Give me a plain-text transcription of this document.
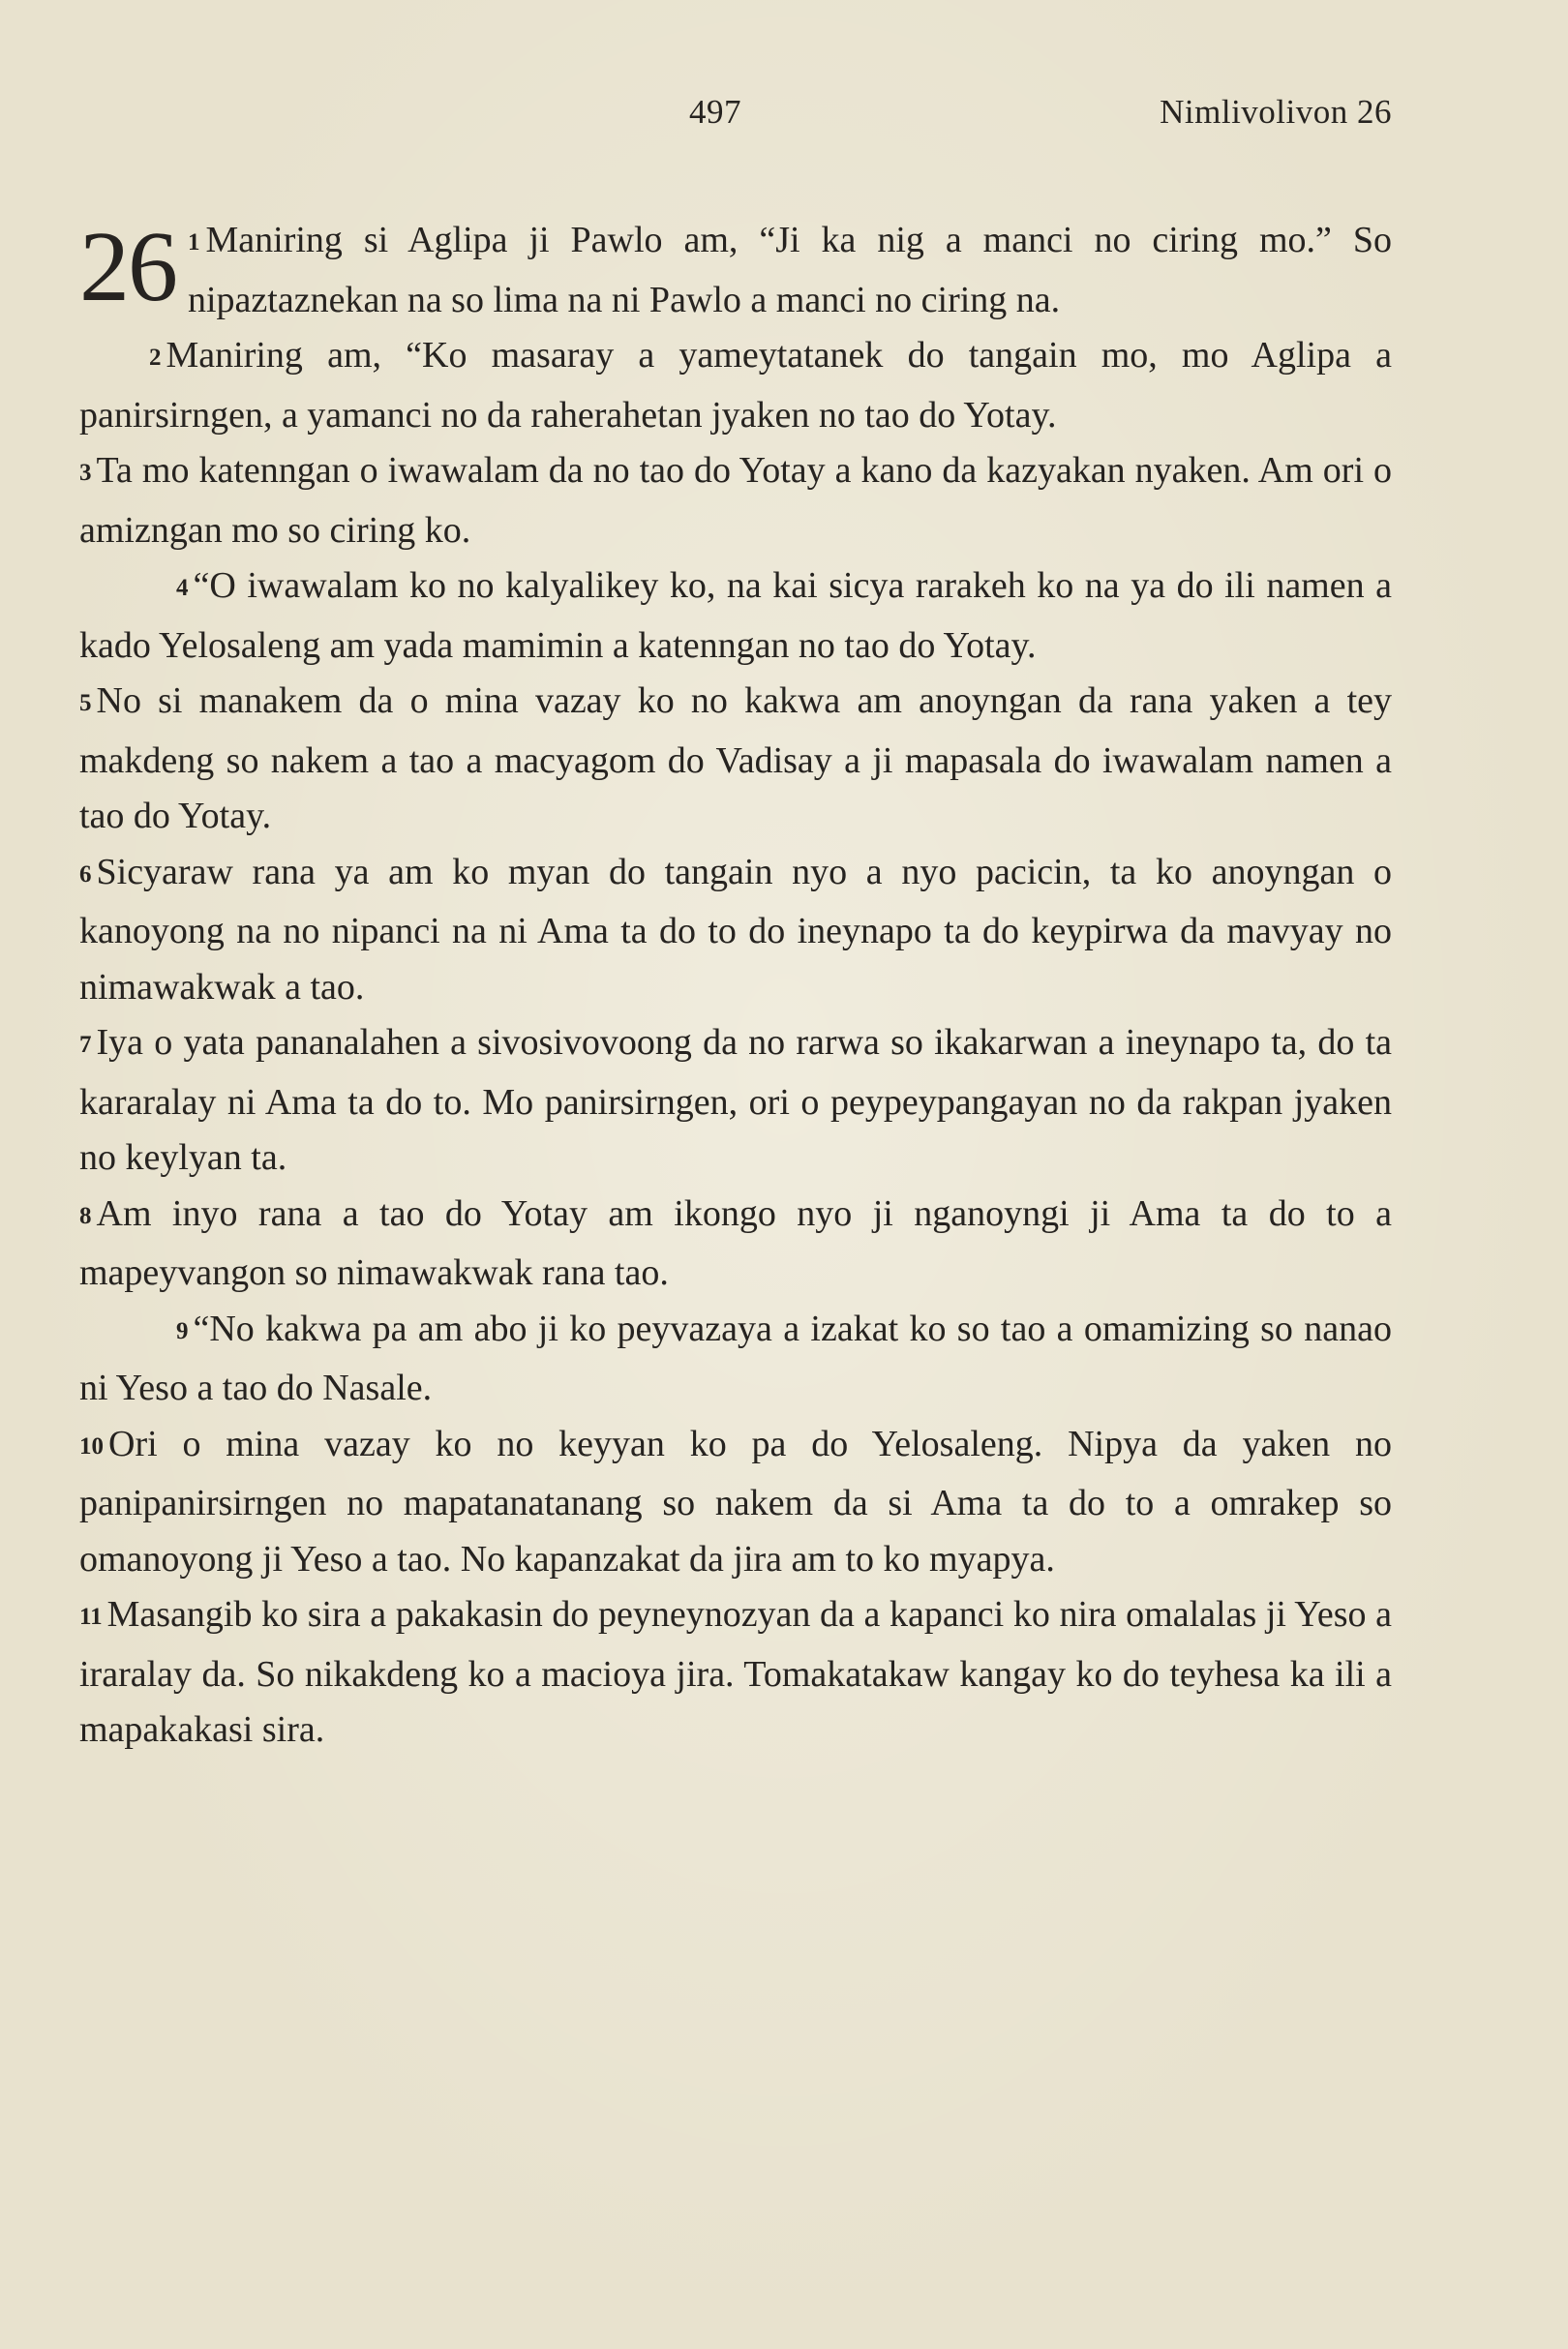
497	Nimlivolivon 26

26 1 Maniring si Aglipa ji Pawlo am, “Ji ka nig a manci no ciring mo.” So nipaztaznekan na so lima na ni Pawlo a manci no ciring na.

2 Maniring am, “Ko masaray a yameytatanek do tangain mo, mo Aglipa a panirsirngen, a yamanci no da raherahetan jyaken no tao do Yotay.

3 Ta mo katenngan o iwawalam da no tao do Yotay a kano da kazyakan nyaken. Am ori o amizngan mo so ciring ko.

4 “O iwawalam ko no kalyalikey ko, na kai sicya rarakeh ko na ya do ili namen a kado Yelosaleng am yada mamimin a katenngan no tao do Yotay.

5 No si manakem da o mina vazay ko no kakwa am anoyngan da rana yaken a tey makdeng so nakem a tao a macyagom do Vadisay a ji mapasala do iwawalam namen a tao do Yotay.

6 Sicyaraw rana ya am ko myan do tangain nyo a nyo pacicin, ta ko anoyngan o kanoyong na no nipanci na ni Ama ta do to do ineynapo ta do keypirwa da mavyay no nimawakwak a tao.

7 Iya o yata pananalahen a sivosivovoong da no rarwa so ikakarwan a ineynapo ta, do ta kararalay ni Ama ta do to. Mo panirsirngen, ori o peypeypangayan no da rakpan jyaken no keylyan ta.

8 Am inyo rana a tao do Yotay am ikongo nyo ji nganoyngi ji Ama ta do to a mapeyvangon so nimawakwak rana tao.

9 “No kakwa pa am abo ji ko peyvazaya a izakat ko so tao a omamizing so nanao ni Yeso a tao do Nasale.

10 Ori o mina vazay ko no keyyan ko pa do Yelosaleng. Nipya da yaken no panipanirsirngen no mapatanatanang so nakem da si Ama ta do to a omrakep so omanoyong ji Yeso a tao. No kapanzakat da jira am to ko myapya.

11 Masangib ko sira a pakakasin do peyneynozyan da a kapanci ko nira omalalas ji Yeso a iraralay da. So nikakdeng ko a macioya jira. Tomakatakaw kangay ko do teyhesa ka ili a mapakakasi sira.
